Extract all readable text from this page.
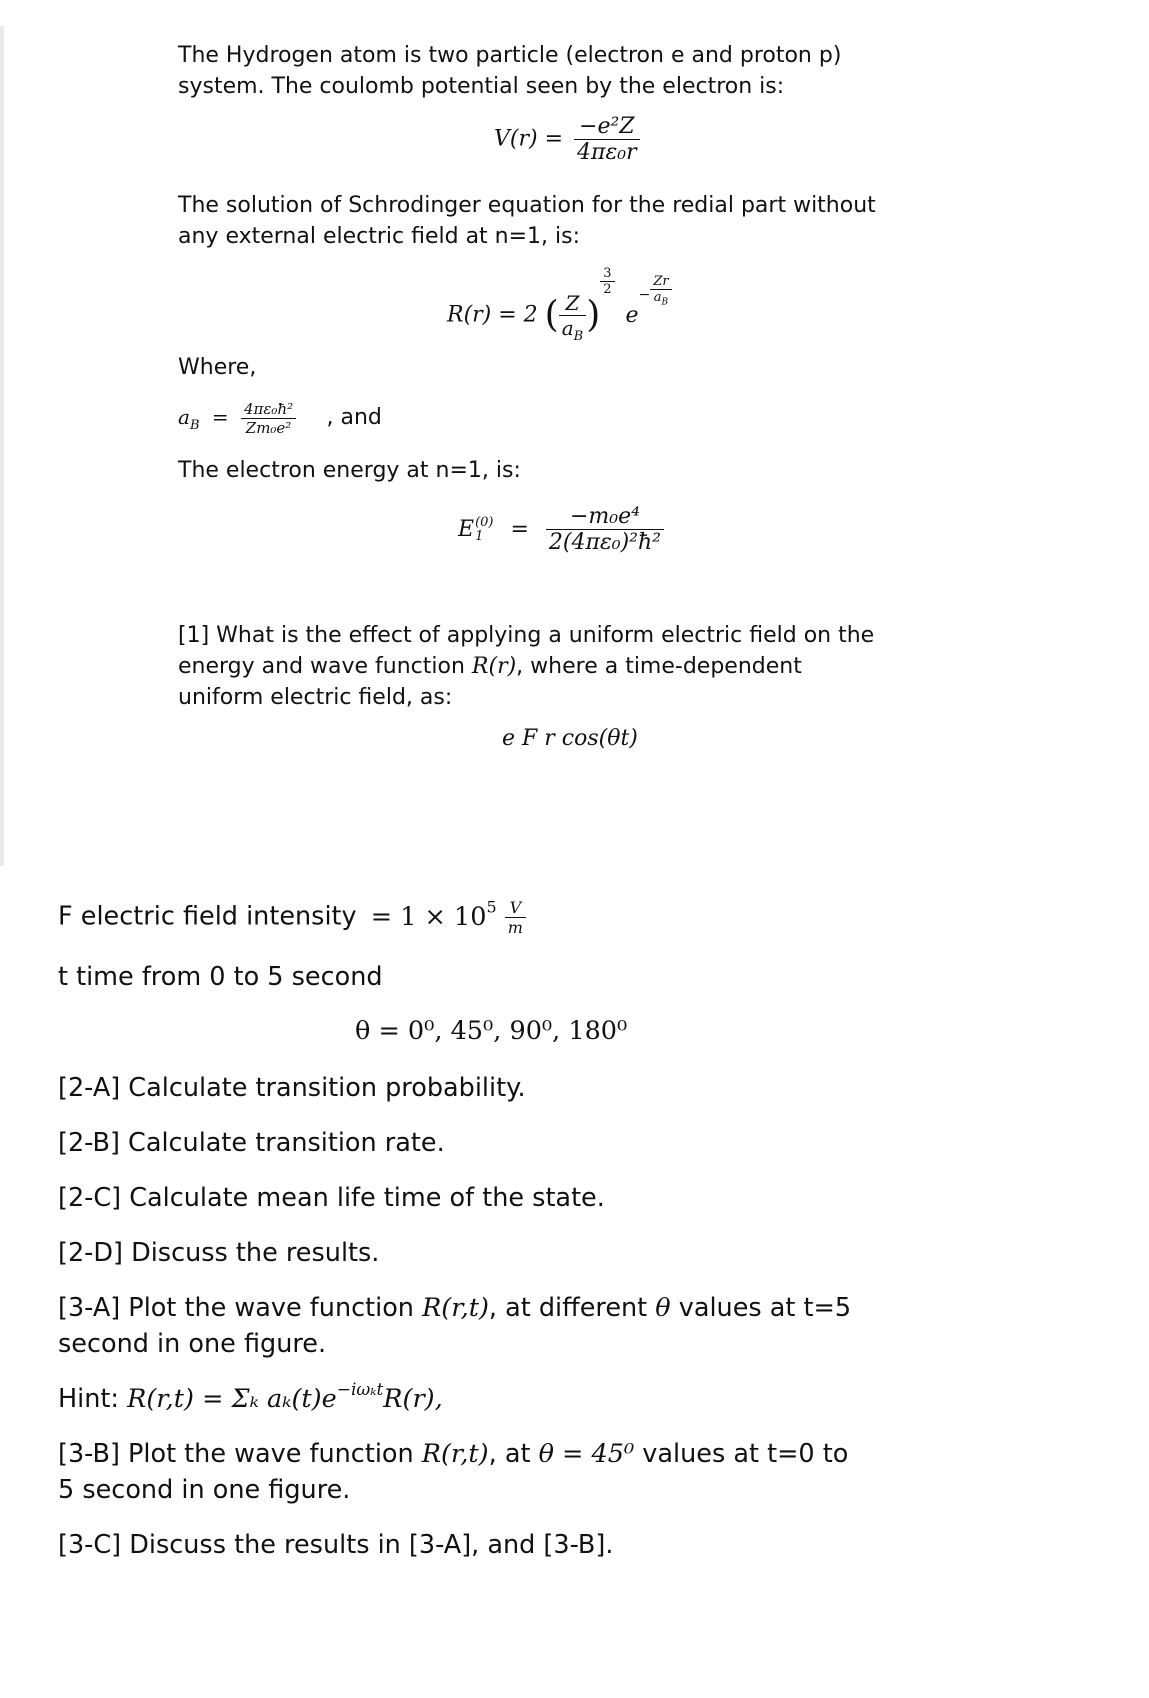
The Hydrogen atom is two particle (electron e and proton p)
system. The coulomb potential seen by the electron is:
$V(r) = \frac{\text{−e²Z}}{\text{4πε₀r}}$
The solution of Schrodinger equation for the redial part without
any external electric field at n=1, is:
R(r) = 2 ( $\frac{Z}{a_B}$ )
$\frac{3}{2}$
$e^- \frac{Zr}{a_B}$
Where,
$a_B = \frac{\text{4πε₀ħ²}}{\text{Zm₀e²}}$ , and
The electron energy at n=1, is:
E (0)
1	= $\frac{\text{−m₀e⁴}}{\text{2(4πε₀)²ħ²}}$
[1] What is the effect of applying a uniform electric field on the
energy and wave function R(r), where a time-dependent
uniform electric field, as:
e F r cos(θt)
F electric field intensity = $1 \times 10^5 \frac{V}{m}$
t time from 0 to 5 second
θ = 0⁰, 45⁰, 90⁰, 180⁰
[2-A] Calculate transition probability.
[2-B] Calculate transition rate.
[2-C] Calculate mean life time of the state.
[2-D] Discuss the results.
[3-A] Plot the wave function R(r,t), at different θ values at t=5
second in one figure.
Hint: R(r,t) = Σₖ $a_k(t)e^{-i\omega_kt}R(r)$,
[3-B] Plot the wave function R(r,t), at θ = 45⁰ values at t=0 to
5 second in one figure.
[3-C] Discuss the results in [3-A], and [3-B].
